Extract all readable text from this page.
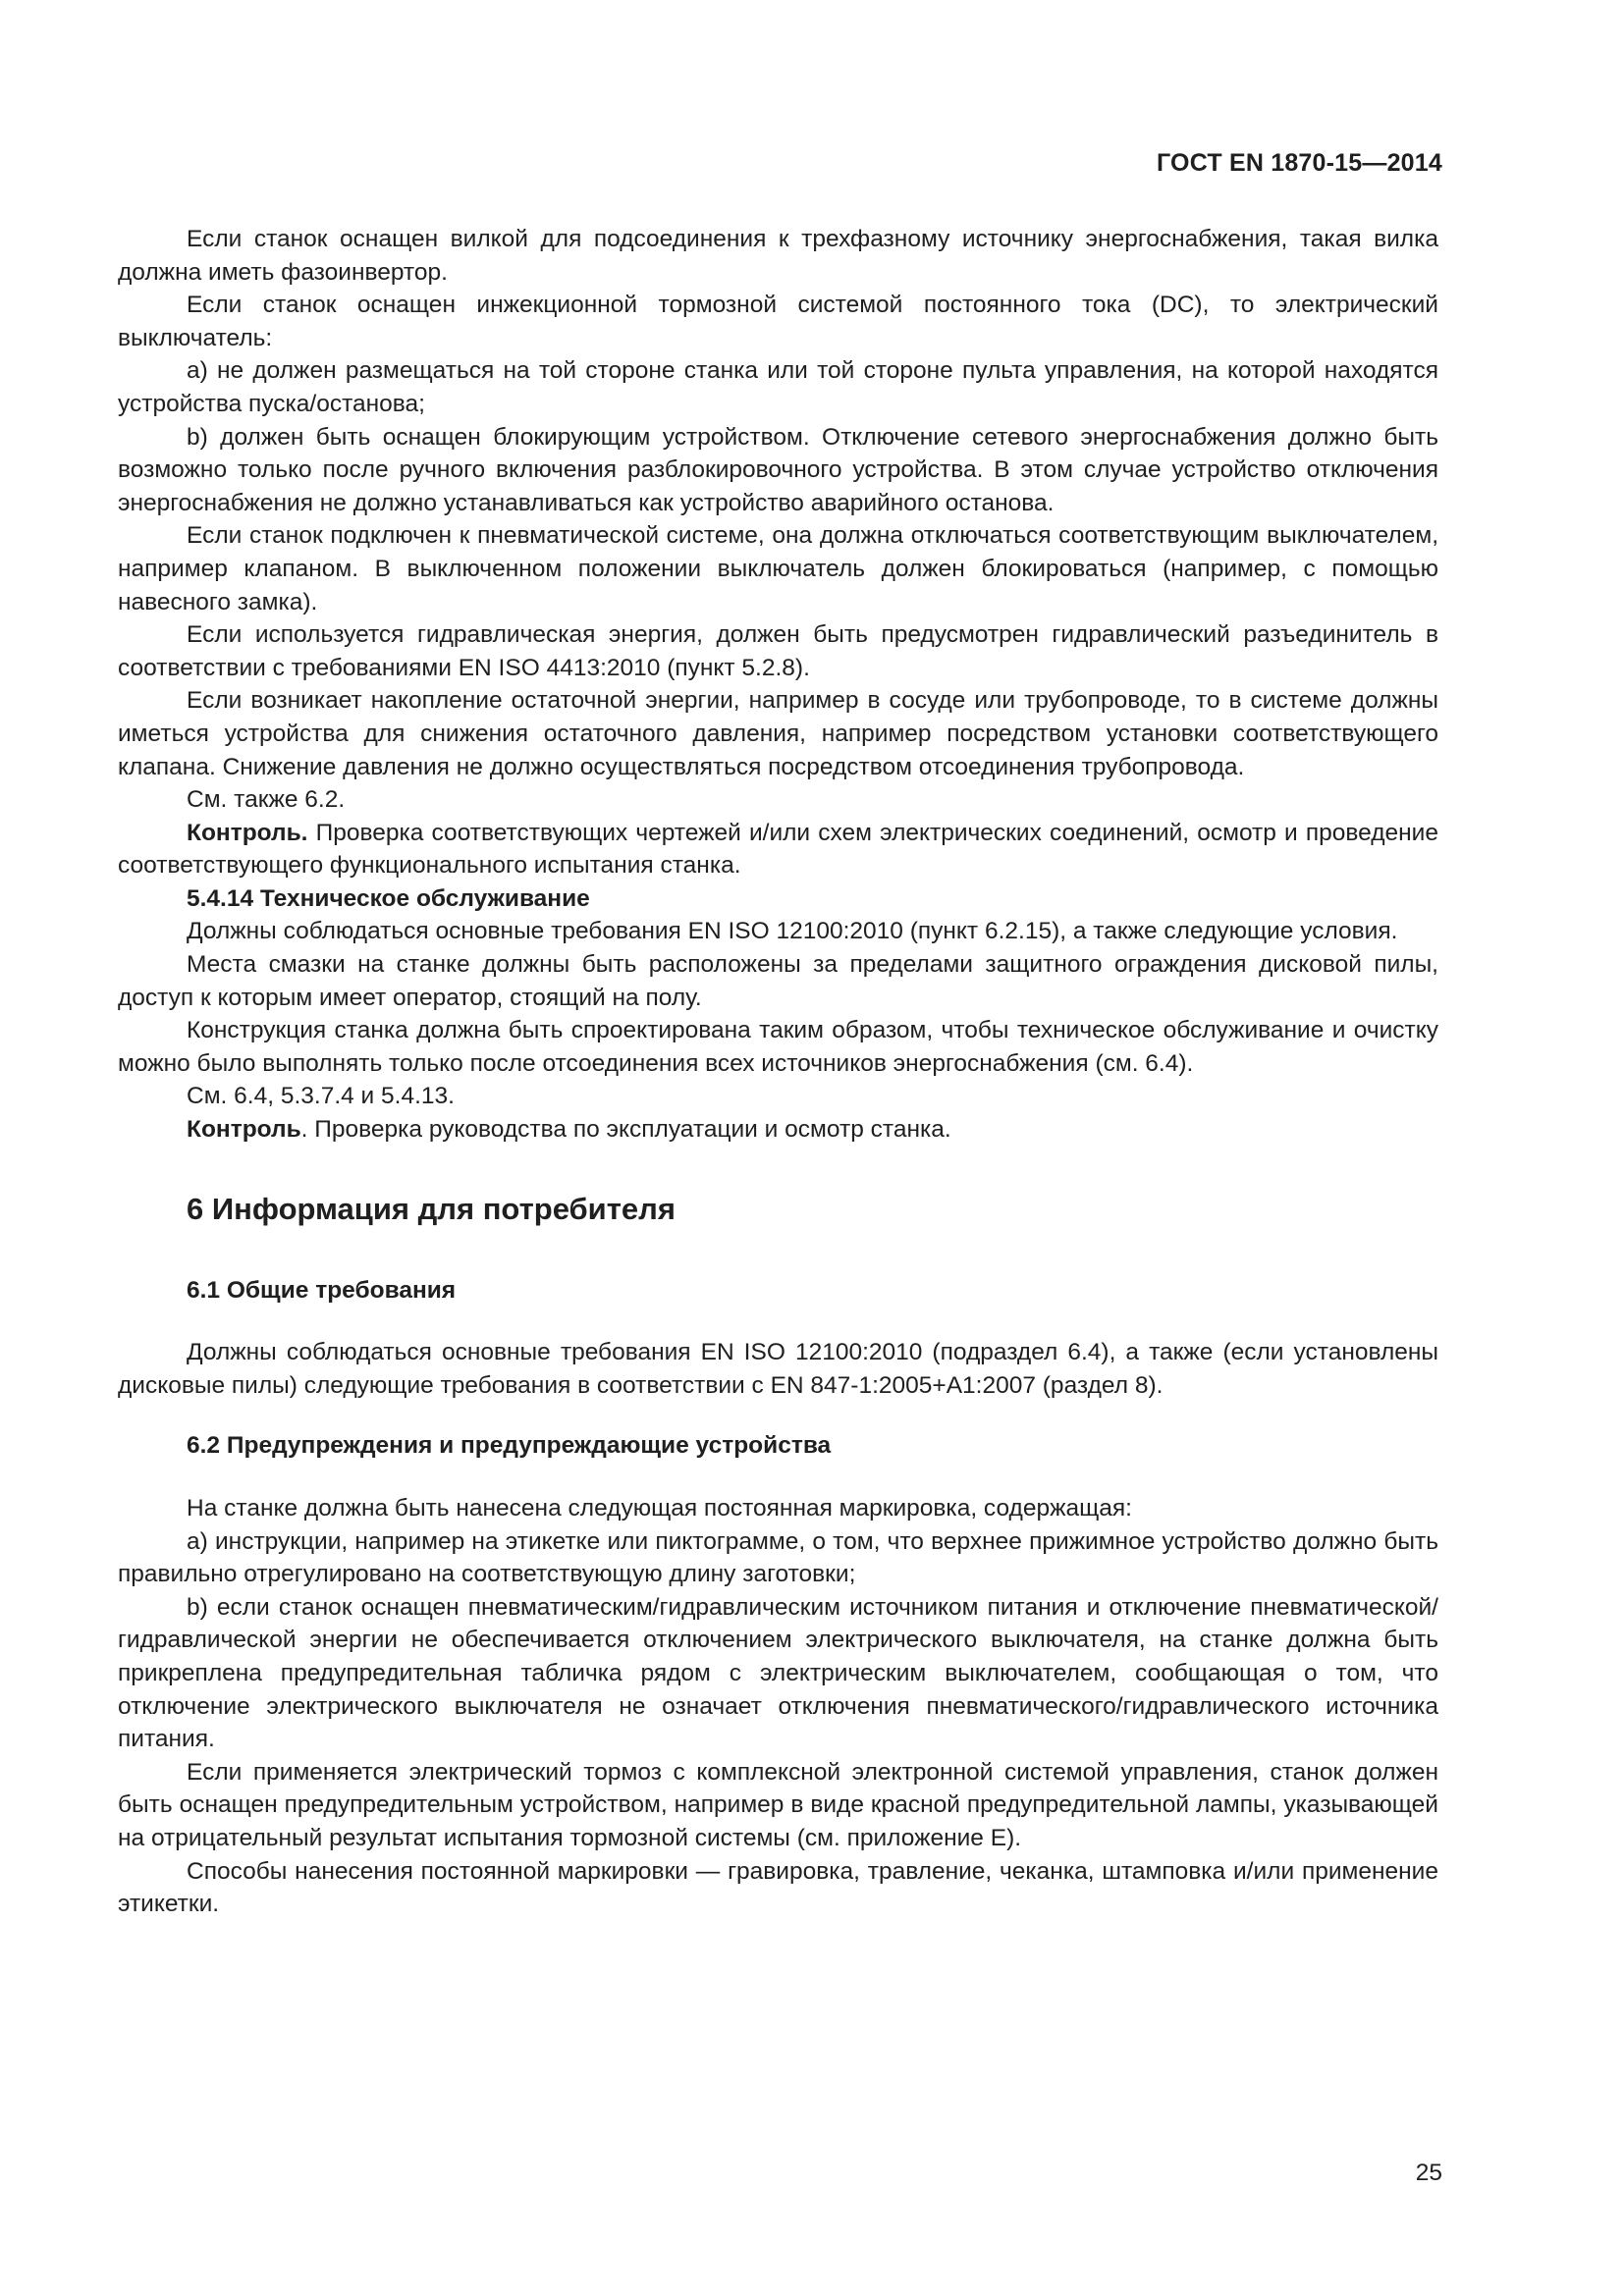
ГОСТ EN 1870-15—2014

Если станок оснащен вилкой для подсоединения к трехфазному источнику энергоснабжения, такая вилка должна иметь фазоинвертор.

Если станок оснащен инжекционной тормозной системой постоянного тока (DC), то электрический выключатель:

a) не должен размещаться на той стороне станка или той стороне пульта управления, на которой находятся устройства пуска/останова;

b) должен быть оснащен блокирующим устройством. Отключение сетевого энергоснабжения должно быть возможно только после ручного включения разблокировочного устройства. В этом случае устройство отключения энергоснабжения не должно устанавливаться как устройство аварийного останова.

Если станок подключен к пневматической системе, она должна отключаться соответствующим выключателем, например клапаном. В выключенном положении выключатель должен блокироваться (например, с помощью навесного замка).

Если используется гидравлическая энергия, должен быть предусмотрен гидравлический разъединитель в соответствии с требованиями EN ISO 4413:2010 (пункт 5.2.8).

Если возникает накопление остаточной энергии, например в сосуде или трубопроводе, то в системе должны иметься устройства для снижения остаточного давления, например посредством установки соответствующего клапана. Снижение давления не должно осуществляться посредством отсоединения трубопровода.

См. также 6.2.

Контроль. Проверка соответствующих чертежей и/или схем электрических соединений, осмотр и проведение соответствующего функционального испытания станка.

5.4.14 Техническое обслуживание

Должны соблюдаться основные требования EN ISO 12100:2010 (пункт 6.2.15), а также следующие условия.

Места смазки на станке должны быть расположены за пределами защитного ограждения дисковой пилы, доступ к которым имеет оператор, стоящий на полу.

Конструкция станка должна быть спроектирована таким образом, чтобы техническое обслуживание и очистку можно было выполнять только после отсоединения всех источников энергоснабжения (см. 6.4).

См. 6.4, 5.3.7.4 и 5.4.13.

Контроль. Проверка руководства по эксплуатации и осмотр станка.

6 Информация для потребителя
6.1 Общие требования

Должны соблюдаться основные требования EN ISO 12100:2010 (подраздел 6.4), а также (если установлены дисковые пилы) следующие требования в соответствии с EN 847-1:2005+A1:2007 (раздел 8).

6.2 Предупреждения и предупреждающие устройства

На станке должна быть нанесена следующая постоянная маркировка, содержащая:

a) инструкции, например на этикетке или пиктограмме, о том, что верхнее прижимное устройство должно быть правильно отрегулировано на соответствующую длину заготовки;

b) если станок оснащен пневматическим/гидравлическим источником питания и отключение пневматической/гидравлической энергии не обеспечивается отключением электрического выключателя, на станке должна быть прикреплена предупредительная табличка рядом с электрическим выключателем, сообщающая о том, что отключение электрического выключателя не означает отключения пневматического/гидравлического источника питания.

Если применяется электрический тормоз с комплексной электронной системой управления, станок должен быть оснащен предупредительным устройством, например в виде красной предупредительной лампы, указывающей на отрицательный результат испытания тормозной системы (см. приложение Е).

Способы нанесения постоянной маркировки — гравировка, травление, чеканка, штамповка и/или применение этикетки.

25
